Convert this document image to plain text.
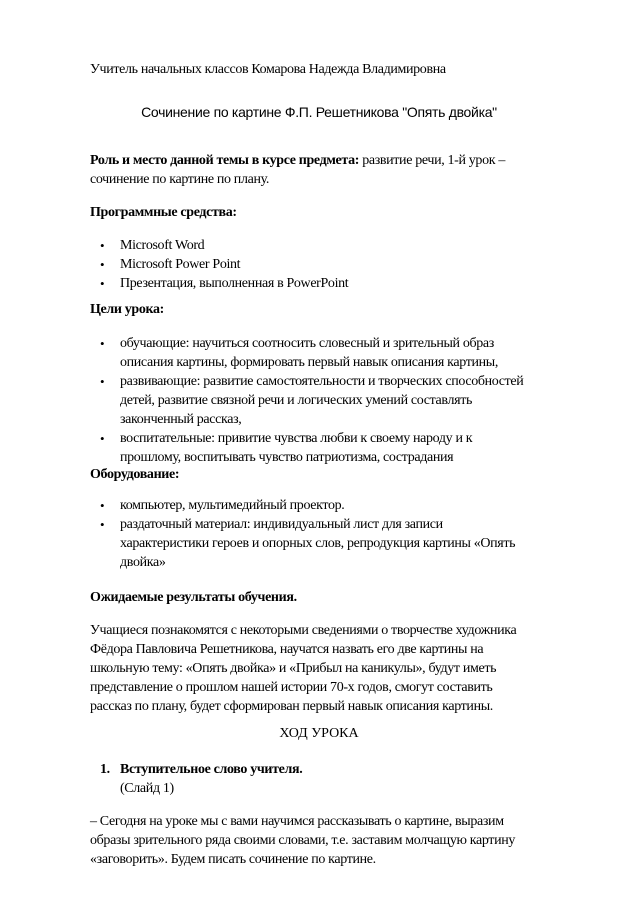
Учитель начальных классов Комарова Надежда Владимировна
Сочинение по картине Ф.П. Решетникова "Опять двойка"
Роль и место данной темы в курсе предмета: развитие речи, 1-й урок –
сочинение по картине по плану.
Программные средства:
• Microsoft Word
• Microsoft Power Point
• Презентация, выполненная в PowerPoint
Цели урока:
• обучающие: научиться соотносить словесный и зрительный образ
описания картины, формировать первый навык описания картины,
• развивающие: развитие самостоятельности и творческих способностей
детей, развитие связной речи и логических умений составлять
законченный рассказ,
• воспитательные: привитие чувства любви к своему народу и к
прошлому, воспитывать чувство патриотизма, сострадания
Оборудование:
• компьютер, мультимедийный проектор.
• раздаточный материал: индивидуальный лист для записи
характеристики героев и опорных слов, репродукция картины «Опять
двойка»
Ожидаемые результаты обучения.
Учащиеся познакомятся с некоторыми сведениями о творчестве художника
Фёдора Павловича Решетникова, научатся назвать его две картины на
школьную тему: «Опять двойка» и «Прибыл на каникулы», будут иметь
представление о прошлом нашей истории 70-х годов, смогут составить
рассказ по плану, будет сформирован первый навык описания картины.
ХОД УРОКА
1. Вступительное слово учителя.
(Слайд 1)
– Сегодня на уроке мы с вами научимся рассказывать о картине, выразим
образы зрительного ряда своими словами, т.е. заставим молчащую картину
«заговорить». Будем писать сочинение по картине.
